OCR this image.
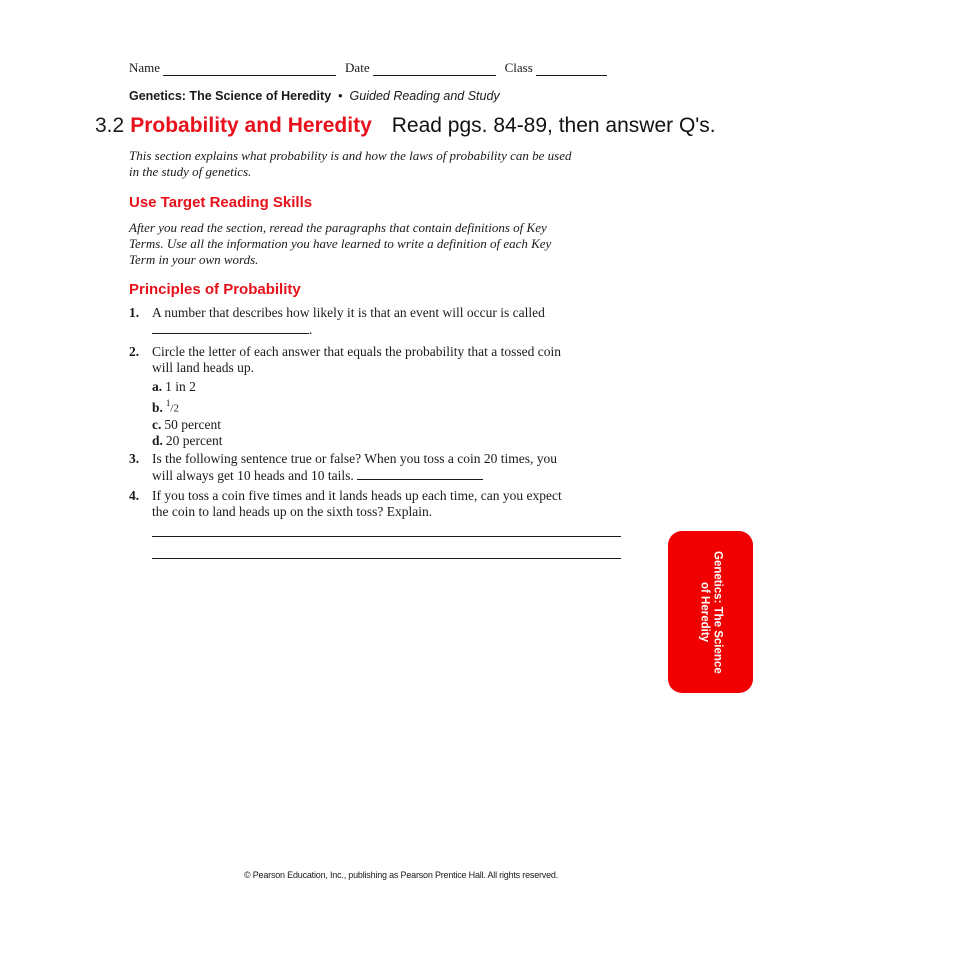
Name	Date	Class
Genetics: The Science of Heredity • Guided Reading and Study
3.2 Probability and Heredity Read pgs. 84-89, then answer Q's.
This section explains what probability is and how the laws of probability can be used in the study of genetics.
Use Target Reading Skills
After you read the section, reread the paragraphs that contain definitions of Key Terms. Use all the information you have learned to write a definition of each Key Term in your own words.
Principles of Probability
1. A number that describes how likely it is that an event will occur is called
.
2. Circle the letter of each answer that equals the probability that a tossed coin will land heads up.
a. 1 in 2
b. $^1$/2
c. 50 percent
d. 20 percent
3. Is the following sentence true or false? When you toss a coin 20 times, you will always get 10 heads and 10 tails.
4. If you toss a coin five times and it lands heads up each time, can you expect the coin to land heads up on the sixth toss? Explain.
Genetics: The Science
of Heredity
© Pearson Education, Inc., publishing as Pearson Prentice Hall. All rights reserved.
